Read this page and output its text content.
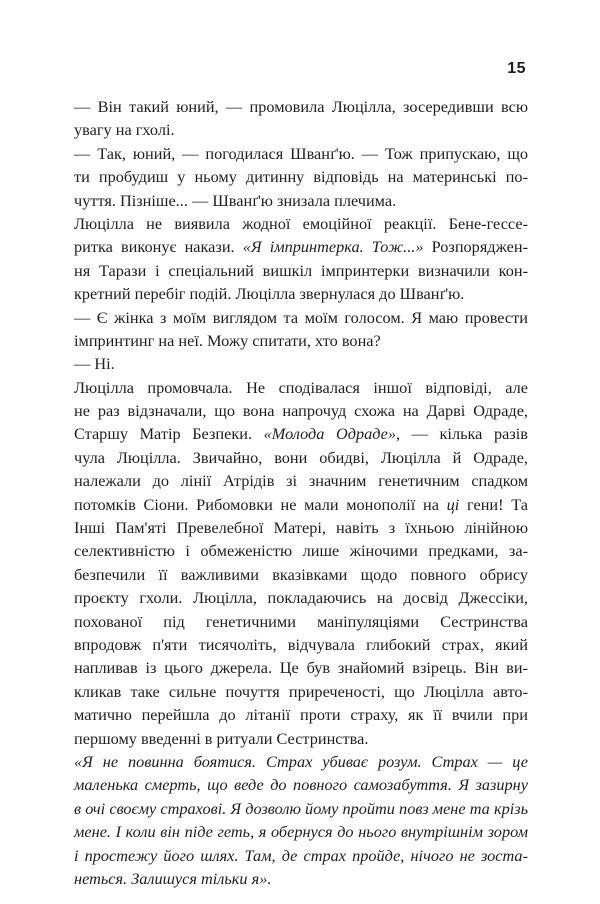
15
— Він такий юний, — промовила Люцілла, зосередивши всю
увагу на гхолі.
— Так, юний, — погодилася Шванґ'ю. — Тож припускаю, що
ти пробудиш у ньому дитинну відповідь на материнські по-
чуття. Пізніше... — Шванґ'ю знизала плечима.
Люцілла не виявила жодної емоційної реакції. Бене-гессе-
ритка виконує накази. «Я імпринтерка. Тож...» Розпоряджен-
ня Тарази і спеціальний вишкіл імпринтерки визначили кон-
кретний перебіг подій. Люцілла звернулася до Шванґ'ю.
— Є жінка з моїм виглядом та моїм голосом. Я маю провести
імпринтинг на неї. Можу спитати, хто вона?
— Ні.
Люцілла промовчала. Не сподівалася іншої відповіді, але
не раз відзначали, що вона напрочуд схожа на Дарві Одраде,
Старшу Матір Безпеки. «Молода Одраде», — кілька разів
чула Люцілла. Звичайно, вони обидві, Люцілла й Одраде,
належали до лінії Атрідів зі значним генетичним спадком
потомків Сіони. Рибомовки не мали монополії на ці гени! Та
Інші Пам'яті Превелебної Матері, навіть з їхньою лінійною
селективністю і обмеженістю лише жіночими предками, за-
безпечили її важливими вказівками щодо повного обрису
проєкту гхоли. Люцілла, покладаючись на досвід Джессіки,
похованої під генетичними маніпуляціями Сестринства
впродовж п'яти тисячоліть, відчувала глибокий страх, який
напливав із цього джерела. Це був знайомий взірець. Він ви-
кликав таке сильне почуття приреченості, що Люцілла авто-
матично перейшла до літанії проти страху, як її вчили при
першому введенні в ритуали Сестринства.
«Я не повинна боятися. Страх убиває розум. Страх — це
маленька смерть, що веде до повного самозабуття. Я зазирну
в очі своєму страхові. Я дозволю йому пройти повз мене та крізь
мене. І коли він піде геть, я обернуся до нього внутрішнім зором
і простежу його шлях. Там, де страх пройде, нічого не зоста-
неться. Залишуся тільки я».
